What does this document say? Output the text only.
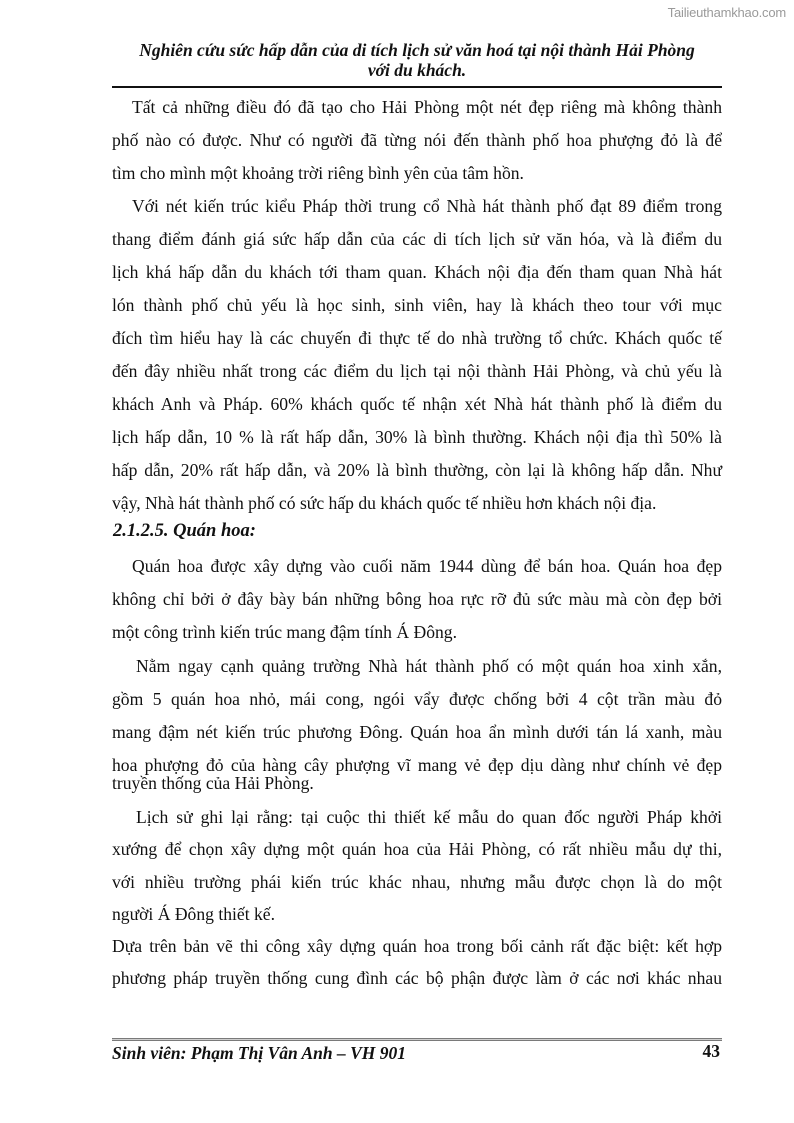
Tailieuthamkhao.com
Nghiên cứu sức hấp dẫn của di tích lịch sử văn hoá tại nội thành Hải Phòng
với du khách.
Tất cả những điều đó đã tạo cho Hải Phòng một nét đẹp riêng mà không thành
phố nào có được. Như có người đã từng nói đến thành phố hoa phượng đỏ là để
tìm cho mình một khoảng trời riêng bình yên của tâm hồn.
Với nét kiến trúc kiểu Pháp thời trung cổ Nhà hát thành phố đạt 89 điểm trong
thang điểm đánh giá sức hấp dẫn của các di tích lịch sử văn hóa, và là điểm du
lịch khá hấp dẫn du khách tới tham quan. Khách nội địa đến tham quan Nhà hát
lón thành phố chủ yếu là học sinh, sinh viên, hay là khách theo tour với mục
đích tìm hiểu hay là các chuyến đi thực tế do nhà trường tổ chức. Khách quốc tế
đến đây nhiều nhất trong các điểm du lịch tại nội thành Hải Phòng, và chủ yếu là
khách Anh và Pháp. 60% khách quốc tế nhận xét Nhà hát thành phố là điểm du
lịch hấp dẫn, 10 % là rất hấp dẫn, 30% là bình thường. Khách nội địa thì 50% là
hấp dẫn, 20% rất hấp dẫn, và 20% là bình thường, còn lại là không hấp dẫn. Như
vậy, Nhà hát thành phố có sức hấp du khách quốc tế nhiều hơn khách nội địa.
2.1.2.5. Quán hoa:
Quán hoa được xây dựng vào cuối năm 1944 dùng để bán hoa. Quán hoa đẹp
không chỉ bởi ở đây bày bán những bông hoa rực rỡ đủ sức màu mà còn đẹp bởi
một công trình kiến trúc mang đậm tính Á Đông.
Nằm ngay cạnh quảng trường Nhà hát thành phố có một quán hoa xinh xắn,
gồm 5 quán hoa nhỏ, mái cong, ngói vẩy được chống bởi 4 cột trần màu đỏ
mang đậm nét kiến trúc phương Đông. Quán hoa ẩn mình dưới tán lá xanh, màu
hoa phượng đỏ của hàng cây phượng vĩ mang vẻ đẹp dịu dàng như chính vẻ đẹp
truyền thống của Hải Phòng.
Lịch sử ghi lại rằng: tại cuộc thi thiết kế mẫu do quan đốc người Pháp khởi
xướng để chọn xây dựng một quán hoa của Hải Phòng, có rất nhiều mẫu dự thi,
với nhiều trường phái kiến trúc khác nhau, nhưng mẫu được chọn là do một
người Á Đông thiết kế.
Dựa trên bản vẽ thi công xây dựng quán hoa trong bối cảnh rất đặc biệt: kết hợp
phương pháp truyền thống cung đình các bộ phận được làm ở các nơi khác nhau
Sinh viên: Phạm Thị Vân Anh – VH 901	43
